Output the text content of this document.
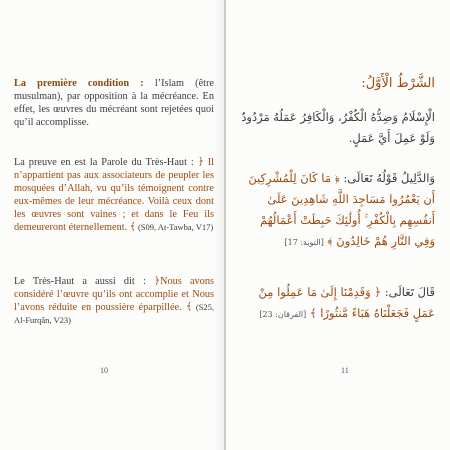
La première condition : l’Islam (être musulman), par opposition à la mécréance. En effet, les œuvres du mécréant sont rejetées quoi qu’il accomplisse.

La preuve en est la Parole du Très-Haut : ﴿ Il n’appartient pas aux associateurs de peupler les mosquées d’Allah, vu qu’ils témoignent contre eux-mêmes de leur mécréance. Voilà ceux dont les œuvres sont vaines ; et dans le Feu ils demeureront éternellement. ﴾ (S09, At-Tawba, V17)

Le Très-Haut a aussi dit : ﴿Nous avons considéré l’œuvre qu’ils ont accomplie et Nous l’avons réduite en poussière éparpillée. ﴾ (S25, Al-Furqân, V23)

10
الشَّرْطُ الْأَوَّلُ:
الْإِسْلَامُ وَضِدُّهُ الْكُفْرُ، وَالْكَافِرُ عَمَلُهُ مَرْدُودٌ وَلَوْ عَمِلَ أَيَّ عَمَلٍ.
وَالدَّلِيلُ قَوْلُهُ تَعَالَى: ﴿ مَا كَانَ لِلْمُشْرِكِينَ أَن يَعْمُرُوا مَسَاجِدَ اللَّهِ شَاهِدِينَ عَلَىٰ أَنفُسِهِم بِالْكُفْرِ ۚ أُولَٰئِكَ حَبِطَتْ أَعْمَالُهُمْ وَفِي النَّارِ هُمْ خَالِدُونَ ﴾ [التوبة: 17]
قَالَ تَعَالَى: ﴿ وَقَدِمْنَا إِلَىٰ مَا عَمِلُوا مِنْ عَمَلٍ فَجَعَلْنَاهُ هَبَاءً مَّنثُورًا ﴾ [الفرقان: 23]
11
